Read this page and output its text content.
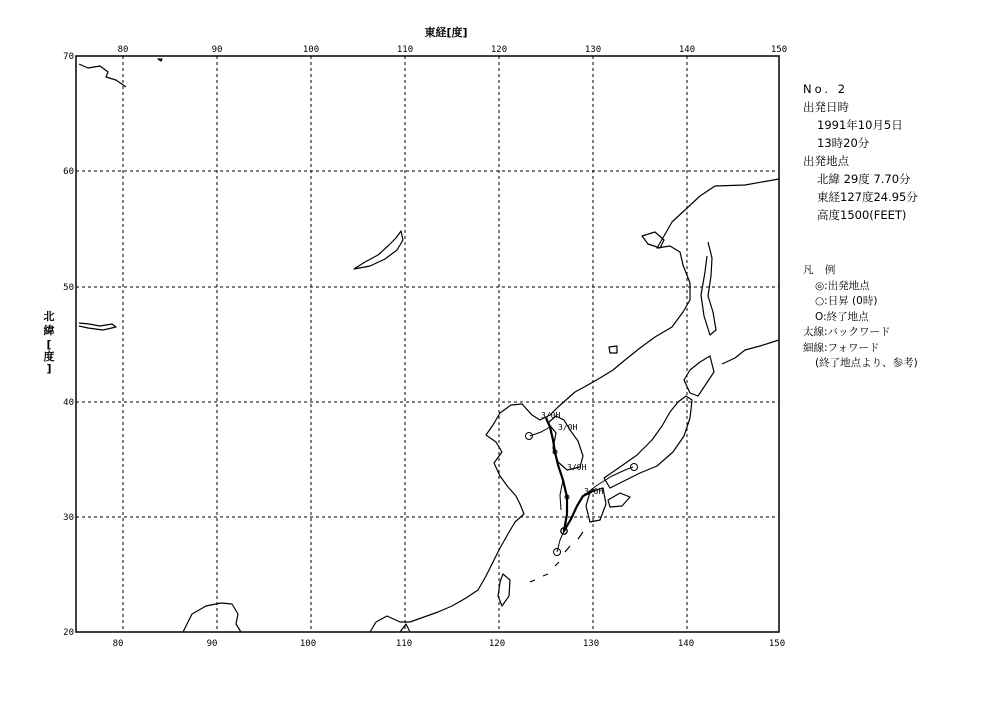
80	90	100	110	120	130	140	150
80	90	100	110	120	130	140	150
70
60
50
40
30
20
東経[度]
北
緯
[
度
]
3/0H
3/0H
3/0H
3/0H
No. 2
出発日時
1991年10月5日
13時20分
出発地点
北緯 29度 7.70分
東経127度24.95分
高度1500(FEET)
凡 例
◎:出発地点
○:日昇 (0時)
O:終了地点
太線:バックワード
細線:フォワード
(終了地点より、参考)
